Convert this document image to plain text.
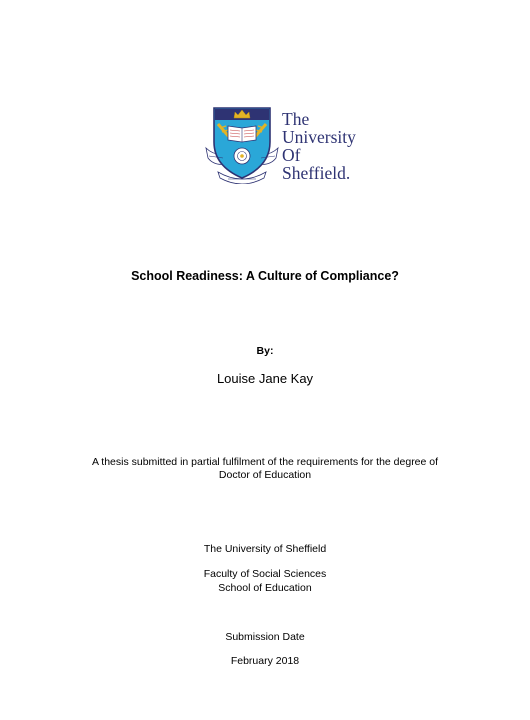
The
University
Of
Sheffield.
School Readiness: A Culture of Compliance?
By:
Louise Jane Kay
A thesis submitted in partial fulfilment of the requirements for the degree of
Doctor of Education
The University of Sheffield
Faculty of Social Sciences
School of Education
Submission Date
February 2018
